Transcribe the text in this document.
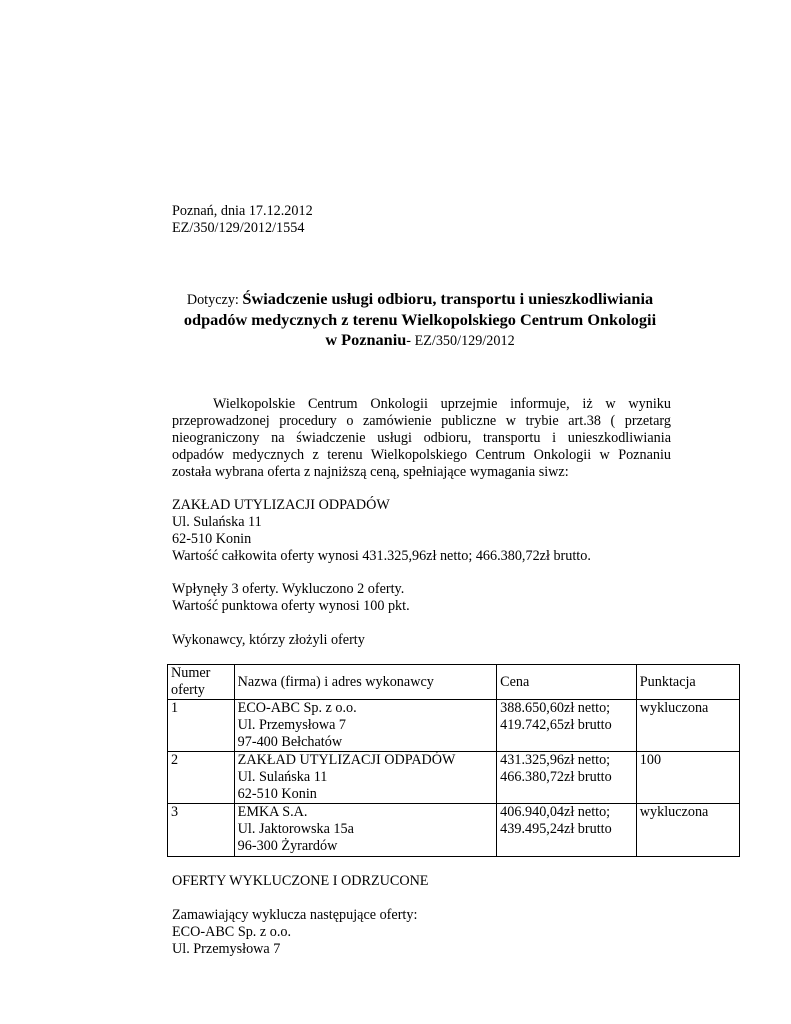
Poznań, dnia 17.12.2012
EZ/350/129/2012/1554
Dotyczy: Świadczenie usługi odbioru, transportu i unieszkodliwiania
odpadów medycznych z terenu Wielkopolskiego Centrum Onkologii
w Poznaniu- EZ/350/129/2012
Wielkopolskie Centrum Onkologii uprzejmie informuje, iż w wyniku
przeprowadzonej procedury o zamówienie publiczne w trybie art.38 ( przetarg
nieograniczony na świadczenie usługi odbioru, transportu i unieszkodliwiania
odpadów medycznych z terenu Wielkopolskiego Centrum Onkologii w Poznaniu
została wybrana oferta z najniższą ceną, spełniające wymagania siwz:
ZAKŁAD UTYLIZACJI ODPADÓW
Ul. Sulańska 11
62-510 Konin
Wartość całkowita oferty wynosi 431.325,96zł netto; 466.380,72zł brutto.
Wpłynęły 3 oferty. Wykluczono 2 oferty.
Wartość punktowa oferty wynosi 100 pkt.
Wykonawcy, którzy złożyli oferty
Numer
oferty	Nazwa (firma) i adres wykonawcy	Cena	Punktacja
1	ECO-ABC Sp. z o.o.
Ul. Przemysłowa 7
97-400 Bełchatów	388.650,60zł netto;
419.742,65zł brutto	wykluczona
2	ZAKŁAD UTYLIZACJI ODPADÓW
Ul. Sulańska 11
62-510 Konin	431.325,96zł netto;
466.380,72zł brutto	100
3	EMKA S.A.
Ul. Jaktorowska 15a
96-300 Żyrardów	406.940,04zł netto;
439.495,24zł brutto	wykluczona
OFERTY WYKLUCZONE I ODRZUCONE
Zamawiający wyklucza następujące oferty:
ECO-ABC Sp. z o.o.
Ul. Przemysłowa 7
